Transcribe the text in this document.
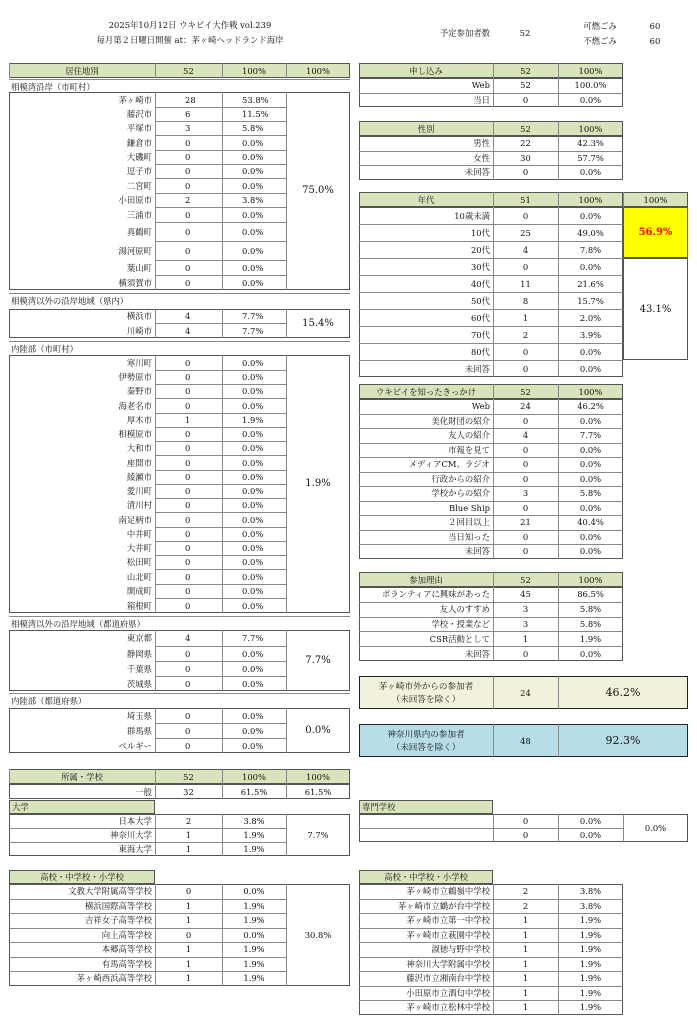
2025年10月12日 ウキビイ大作戦 vol.239
毎月第２日曜日開催 at：茅ヶ崎ヘッドランド海岸
予定参加者数	52
可燃ごみ	60
不燃ごみ	60
居住地別	52	100%	100%
相模湾沿岸（市町村）
茅ヶ崎市	28	53.8%
藤沢市	6	11.5%
平塚市	3	5.8%
鎌倉市	0	0.0%
大磯町	0	0.0%
逗子市	0	0.0%
二宮町	0	0.0%
小田原市	2	3.8%
三浦市	0	0.0%
真鶴町	0	0.0%
湯河原町	0	0.0%
葉山町	0	0.0%
横須賀市	0	0.0%
75.0%
相模湾以外の沿岸地域（県内）
横浜市	4	7.7%
川崎市	4	7.7%
15.4%
内陸部（市町村）
寒川町	0	0.0%
伊勢原市	0	0.0%
秦野市	0	0.0%
海老名市	0	0.0%
厚木市	1	1.9%
相模原市	0	0.0%
大和市	0	0.0%
座間市	0	0.0%
綾瀬市	0	0.0%
愛川町	0	0.0%
清川村	0	0.0%
南足柄市	0	0.0%
中井町	0	0.0%
大井町	0	0.0%
松田町	0	0.0%
山北町	0	0.0%
開成町	0	0.0%
箱根町	0	0.0%
1.9%
相模湾以外の沿岸地域（都道府県）
東京都	4	7.7%
静岡県	0	0.0%
千葉県	0	0.0%
茨城県	0	0.0%
7.7%
内陸部（都道府県）
埼玉県	0	0.0%
群馬県	0	0.0%
ベルギー	0	0.0%
0.0%
申し込み	52	100%
Web	52	100.0%
当日	0	0.0%
性別	52	100%
男性	22	42.3%
女性	30	57.7%
未回答	0	0.0%
年代	51	100%	100%
10歳未満	0	0.0%
10代	25	49.0%
20代	4	7.8%
30代	0	0.0%
40代	11	21.6%
50代	8	15.7%
60代	1	2.0%
70代	2	3.9%
80代	0	0.0%
未回答	0	0.0%
56.9%
43.1%
ウキビイを知ったきっかけ	52	100%
Web	24	46.2%
美化財団の紹介	0	0.0%
友人の紹介	4	7.7%
市報を見て	0	0.0%
メディアCM、ラジオ	0	0.0%
行政からの紹介	0	0.0%
学校からの紹介	3	5.8%
Blue Ship	0	0.0%
２回目以上	21	40.4%
当日知った	0	0.0%
未回答	0	0.0%
参加理由	52	100%
ボランティアに興味があった	45	86.5%
友人のすすめ	3	5.8%
学校・授業など	3	5.8%
CSR活動として	1	1.9%
未回答	0	0.0%
茅ヶ崎市外からの参加者
（未回答を除く）
24	46.2%
神奈川県内の参加者
（未回答を除く）
48	92.3%
所属・学校	52	100%	100%
一般	32	61.5%	61.5%
大学
日本大学	2	3.8%
神奈川大学	1	1.9%
東海大学	1	1.9%
7.7%
専門学校
0	0.0%
0	0.0%
0.0%
高校・中学校・小学校
文教大学附属高等学校	0	0.0%
横浜国際高等学校	1	1.9%
吉祥女子高等学校	1	1.9%
向上高等学校	0	0.0%
本郷高等学校	1	1.9%
有馬高等学校	1	1.9%
茅ヶ崎西浜高等学校	1	1.9%
30.8%
高校・中学校・小学校
茅ヶ崎市立鶴嶺中学校	2	3.8%
茅ヶ崎市立鶴が台中学校	2	3.8%
茅ヶ崎市立第一中学校	1	1.9%
茅ヶ崎市立萩園中学校	1	1.9%
淑徳与野中学校	1	1.9%
神奈川大学附属中学校	1	1.9%
藤沢市立湘南台中学校	1	1.9%
小田原市立酒匂中学校	1	1.9%
茅ヶ崎市立松林中学校	1	1.9%
